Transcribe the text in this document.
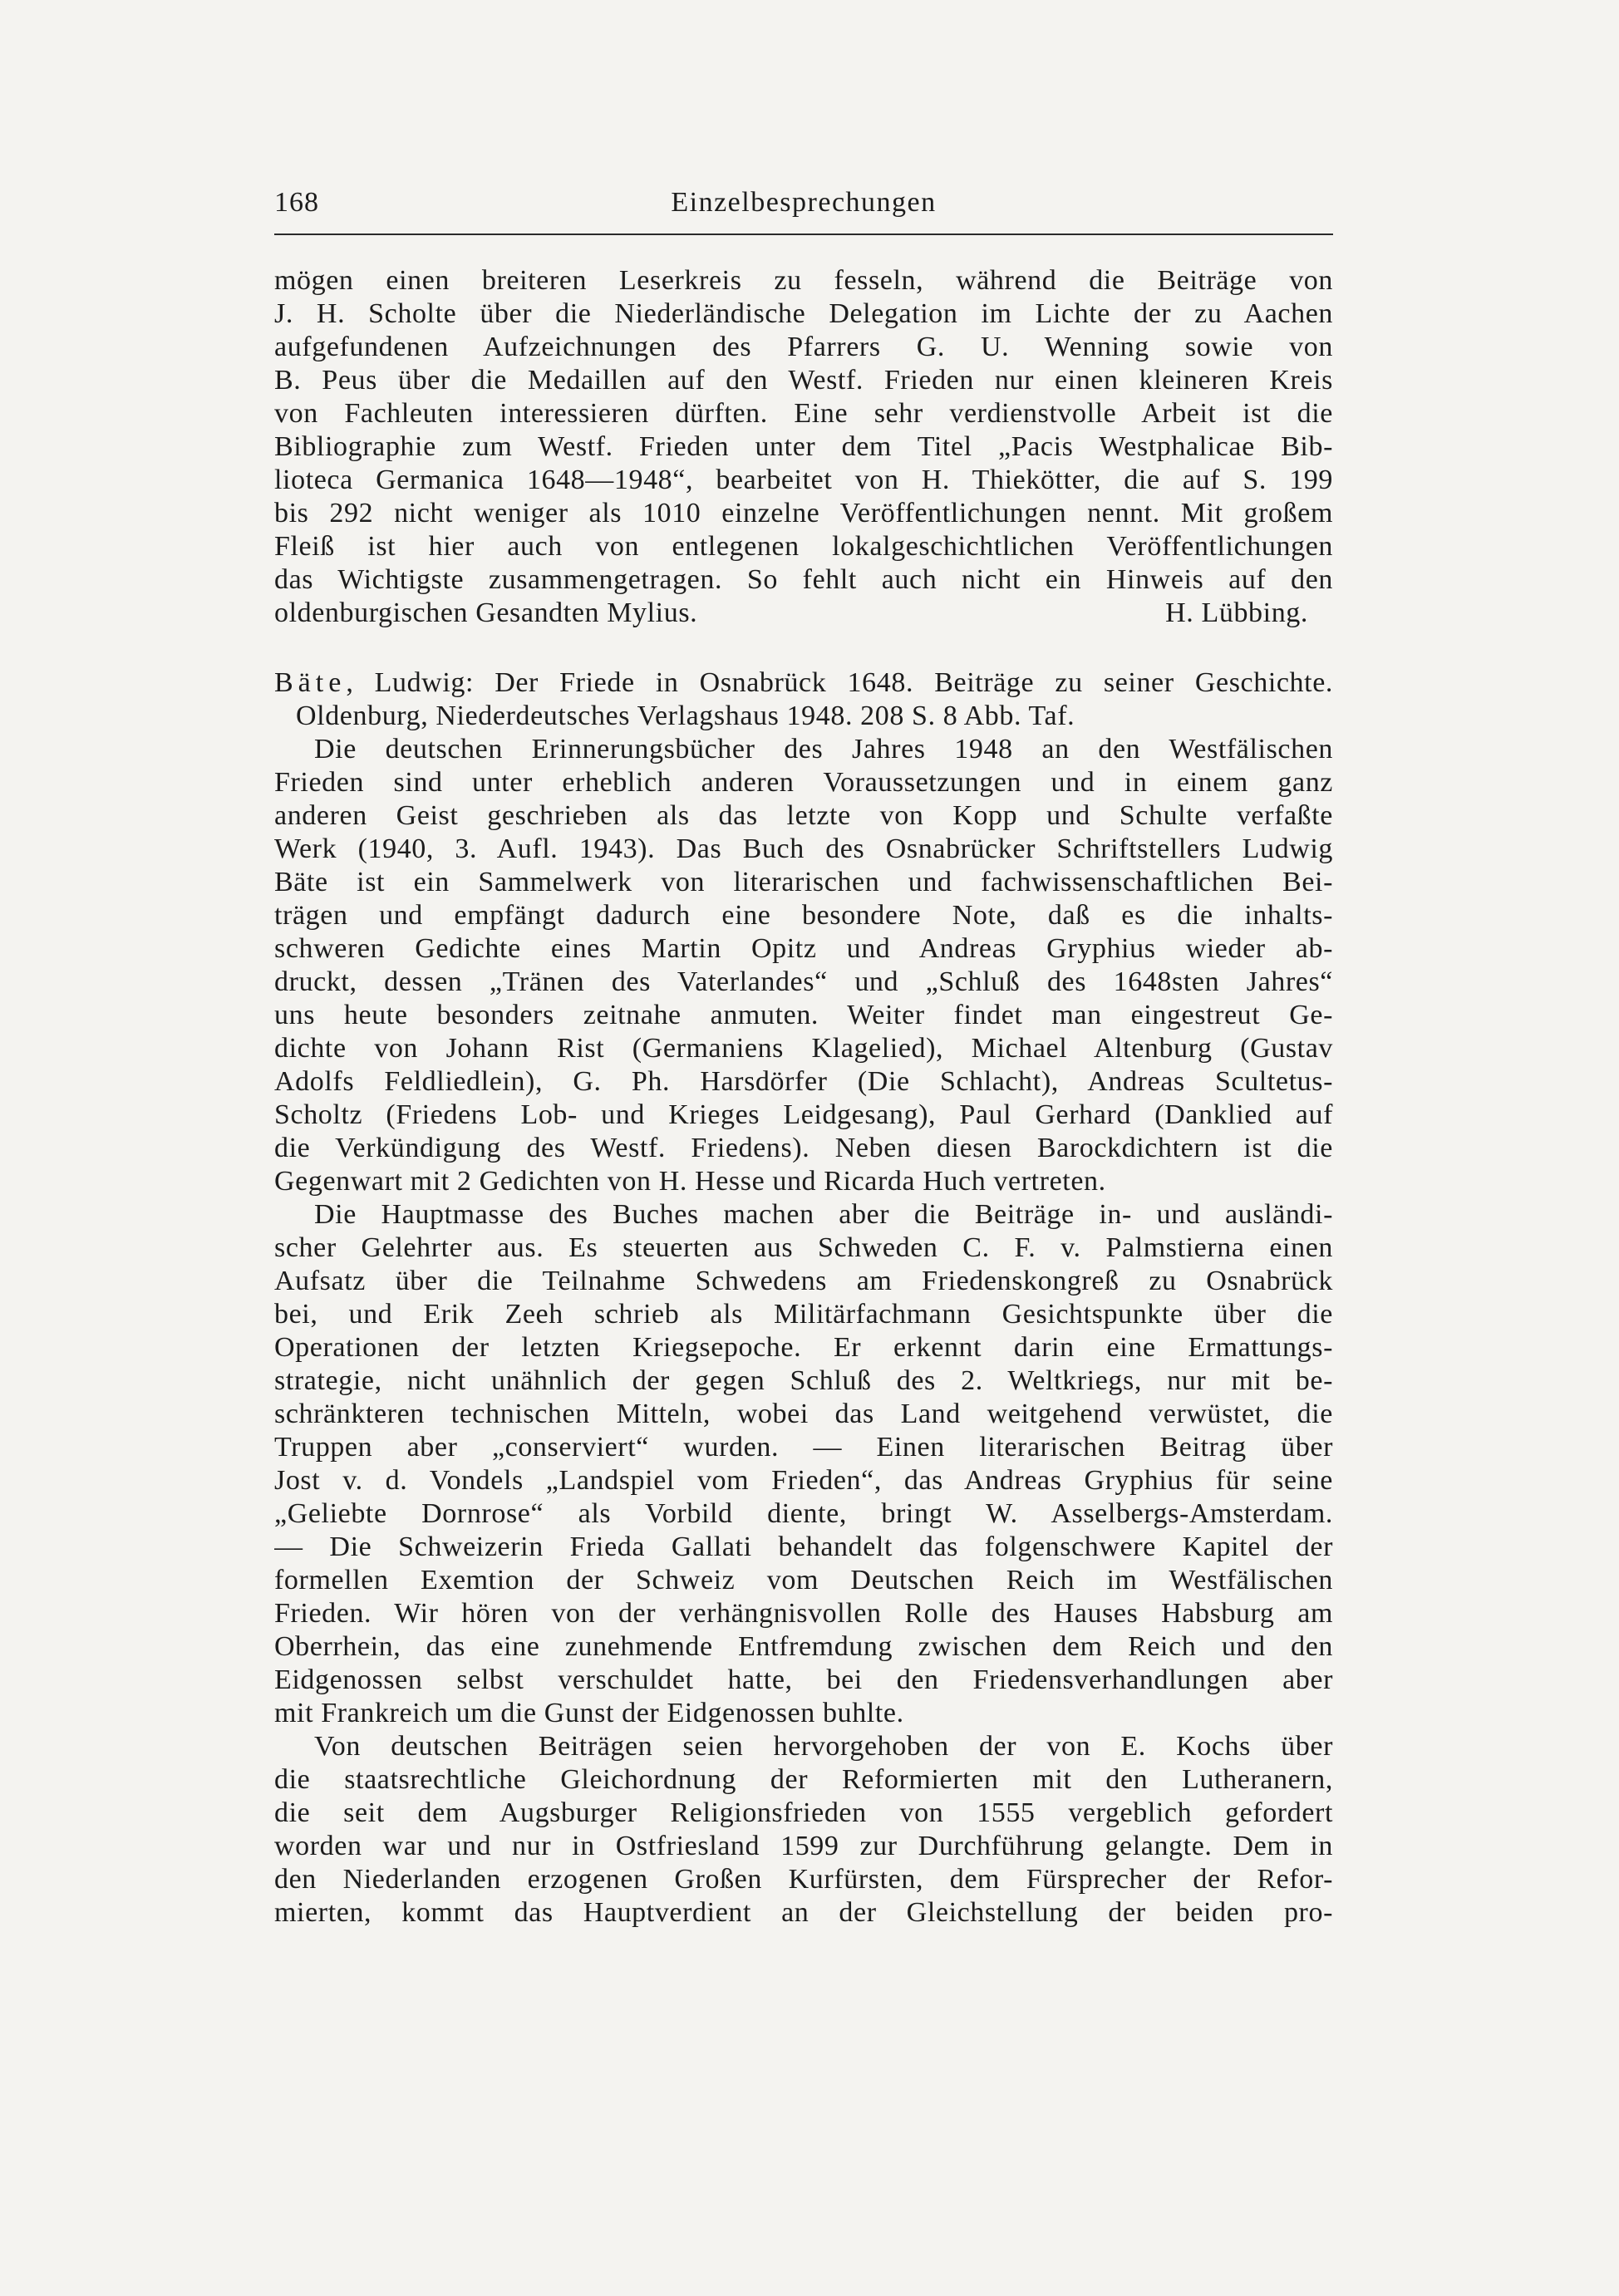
168	Einzelbesprechungen
mögen einen breiteren Leserkreis zu fesseln, während die Beiträge von
J. H. Scholte über die Niederländische Delegation im Lichte der zu Aachen
aufgefundenen Aufzeichnungen des Pfarrers G. U. Wenning sowie von
B. Peus über die Medaillen auf den Westf. Frieden nur einen kleineren Kreis
von Fachleuten interessieren dürften. Eine sehr verdienstvolle Arbeit ist die
Bibliographie zum Westf. Frieden unter dem Titel „Pacis Westphalicae Bib-
lioteca Germanica 1648—1948“, bearbeitet von H. Thiekötter, die auf S. 199
bis 292 nicht weniger als 1010 einzelne Veröffentlichungen nennt. Mit großem
Fleiß ist hier auch von entlegenen lokalgeschichtlichen Veröffentlichungen
das Wichtigste zusammengetragen. So fehlt auch nicht ein Hinweis auf den
oldenburgischen Gesandten Mylius.	H. Lübbing.
Bäte, Ludwig: Der Friede in Osnabrück 1648. Beiträge zu seiner Geschichte.
Oldenburg, Niederdeutsches Verlagshaus 1948. 208 S. 8 Abb. Taf.
Die deutschen Erinnerungsbücher des Jahres 1948 an den Westfälischen
Frieden sind unter erheblich anderen Voraussetzungen und in einem ganz
anderen Geist geschrieben als das letzte von Kopp und Schulte verfaßte
Werk (1940, 3. Aufl. 1943). Das Buch des Osnabrücker Schriftstellers Ludwig
Bäte ist ein Sammelwerk von literarischen und fachwissenschaftlichen Bei-
trägen und empfängt dadurch eine besondere Note, daß es die inhalts-
schweren Gedichte eines Martin Opitz und Andreas Gryphius wieder ab-
druckt, dessen „Tränen des Vaterlandes“ und „Schluß des 1648sten Jahres“
uns heute besonders zeitnahe anmuten. Weiter findet man eingestreut Ge-
dichte von Johann Rist (Germaniens Klagelied), Michael Altenburg (Gustav
Adolfs Feldliedlein), G. Ph. Harsdörfer (Die Schlacht), Andreas Scultetus-
Scholtz (Friedens Lob- und Krieges Leidgesang), Paul Gerhard (Danklied auf
die Verkündigung des Westf. Friedens). Neben diesen Barockdichtern ist die
Gegenwart mit 2 Gedichten von H. Hesse und Ricarda Huch vertreten.
Die Hauptmasse des Buches machen aber die Beiträge in- und ausländi-
scher Gelehrter aus. Es steuerten aus Schweden C. F. v. Palmstierna einen
Aufsatz über die Teilnahme Schwedens am Friedenskongreß zu Osnabrück
bei, und Erik Zeeh schrieb als Militärfachmann Gesichtspunkte über die
Operationen der letzten Kriegsepoche. Er erkennt darin eine Ermattungs-
strategie, nicht unähnlich der gegen Schluß des 2. Weltkriegs, nur mit be-
schränkteren technischen Mitteln, wobei das Land weitgehend verwüstet, die
Truppen aber „conserviert“ wurden. — Einen literarischen Beitrag über
Jost v. d. Vondels „Landspiel vom Frieden“, das Andreas Gryphius für seine
„Geliebte Dornrose“ als Vorbild diente, bringt W. Asselbergs-Amsterdam.
— Die Schweizerin Frieda Gallati behandelt das folgenschwere Kapitel der
formellen Exemtion der Schweiz vom Deutschen Reich im Westfälischen
Frieden. Wir hören von der verhängnisvollen Rolle des Hauses Habsburg am
Oberrhein, das eine zunehmende Entfremdung zwischen dem Reich und den
Eidgenossen selbst verschuldet hatte, bei den Friedensverhandlungen aber
mit Frankreich um die Gunst der Eidgenossen buhlte.
Von deutschen Beiträgen seien hervorgehoben der von E. Kochs über
die staatsrechtliche Gleichordnung der Reformierten mit den Lutheranern,
die seit dem Augsburger Religionsfrieden von 1555 vergeblich gefordert
worden war und nur in Ostfriesland 1599 zur Durchführung gelangte. Dem in
den Niederlanden erzogenen Großen Kurfürsten, dem Fürsprecher der Refor-
mierten, kommt das Hauptverdient an der Gleichstellung der beiden pro-
